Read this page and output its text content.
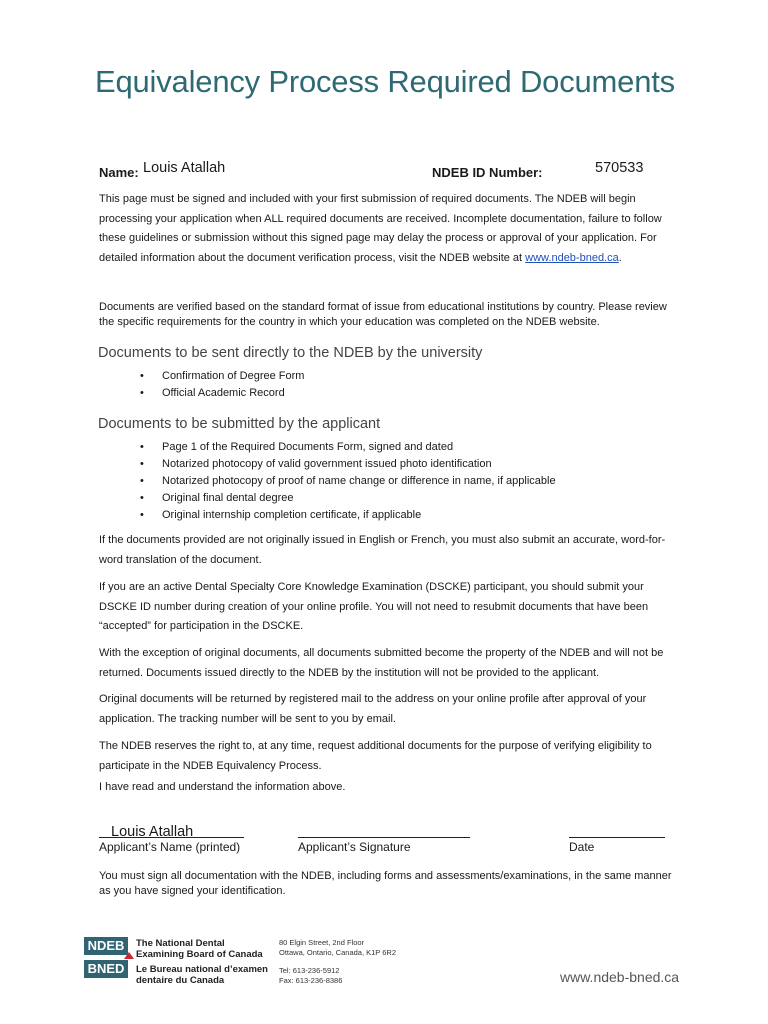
Equivalency Process Required Documents
Name: Louis Atallah	NDEB ID Number:	570533
This page must be signed and included with your first submission of required documents. The NDEB will begin processing your application when ALL required documents are received. Incomplete documentation, failure to follow these guidelines or submission without this signed page may delay the process or approval of your application. For detailed information about the document verification process, visit the NDEB website at www.ndeb-bned.ca.
Documents are verified based on the standard format of issue from educational institutions by country. Please review the specific requirements for the country in which your education was completed on the NDEB website.
Documents to be sent directly to the NDEB by the university
• Confirmation of Degree Form
• Official Academic Record
Documents to be submitted by the applicant
• Page 1 of the Required Documents Form, signed and dated
• Notarized photocopy of valid government issued photo identification
• Notarized photocopy of proof of name change or difference in name, if applicable
• Original final dental degree
• Original internship completion certificate, if applicable
If the documents provided are not originally issued in English or French, you must also submit an accurate, word-for-word translation of the document.
If you are an active Dental Specialty Core Knowledge Examination (DSCKE) participant, you should submit your DSCKE ID number during creation of your online profile. You will not need to resubmit documents that have been “accepted” for participation in the DSCKE.
With the exception of original documents, all documents submitted become the property of the NDEB and will not be returned. Documents issued directly to the NDEB by the institution will not be provided to the applicant.
Original documents will be returned by registered mail to the address on your online profile after approval of your application. The tracking number will be sent to you by email.
The NDEB reserves the right to, at any time, request additional documents for the purpose of verifying eligibility to participate in the NDEB Equivalency Process.
I have read and understand the information above.
Louis Atallah
Applicant’s Name (printed)	Applicant’s Signature	Date
You must sign all documentation with the NDEB, including forms and assessments/examinations, in the same manner as you have signed your identification.
NDEB
BNED
The National Dental
Examining Board of Canada
Le Bureau national d’examen
dentaire du Canada
80 Elgin Street, 2nd Floor
Ottawa, Ontario, Canada, K1P 6R2
Tel: 613-236-5912
Fax: 613-236-8386	www.ndeb-bned.ca
